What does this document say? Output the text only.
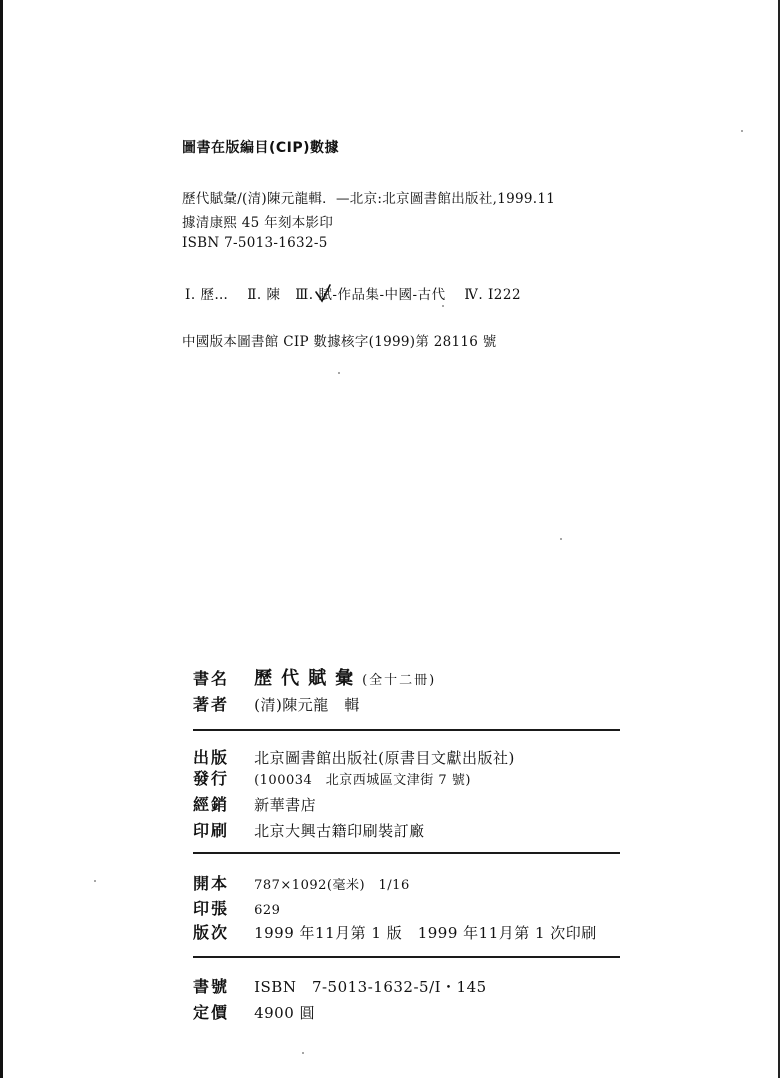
圖書在版編目(CIP)數據
歷代賦彙/(清)陳元龍輯．—北京:北京圖書館出版社,1999.11
據清康熙 45 年刻本影印
ISBN 7-5013-1632-5
Ⅰ. 歷… Ⅱ. 陳 Ⅲ. 賦-作品集-中國-古代 Ⅳ. I222
中國版本圖書館 CIP 數據核字(1999)第 28116 號
書名 歷代賦彙(全十二冊)
著者 (清)陳元龍　輯
出版 北京圖書館出版社(原書目文獻出版社)
發行 (100034　北京西城區文津街 7 號)
經銷 新華書店
印刷 北京大興古籍印刷裝訂廠
開本 787×1092(毫米)　1/16
印張 629
版次 1999 年11月第 1 版　1999 年11月第 1 次印刷
書號 ISBN　7-5013-1632-5/I・145
定價 4900 圓
